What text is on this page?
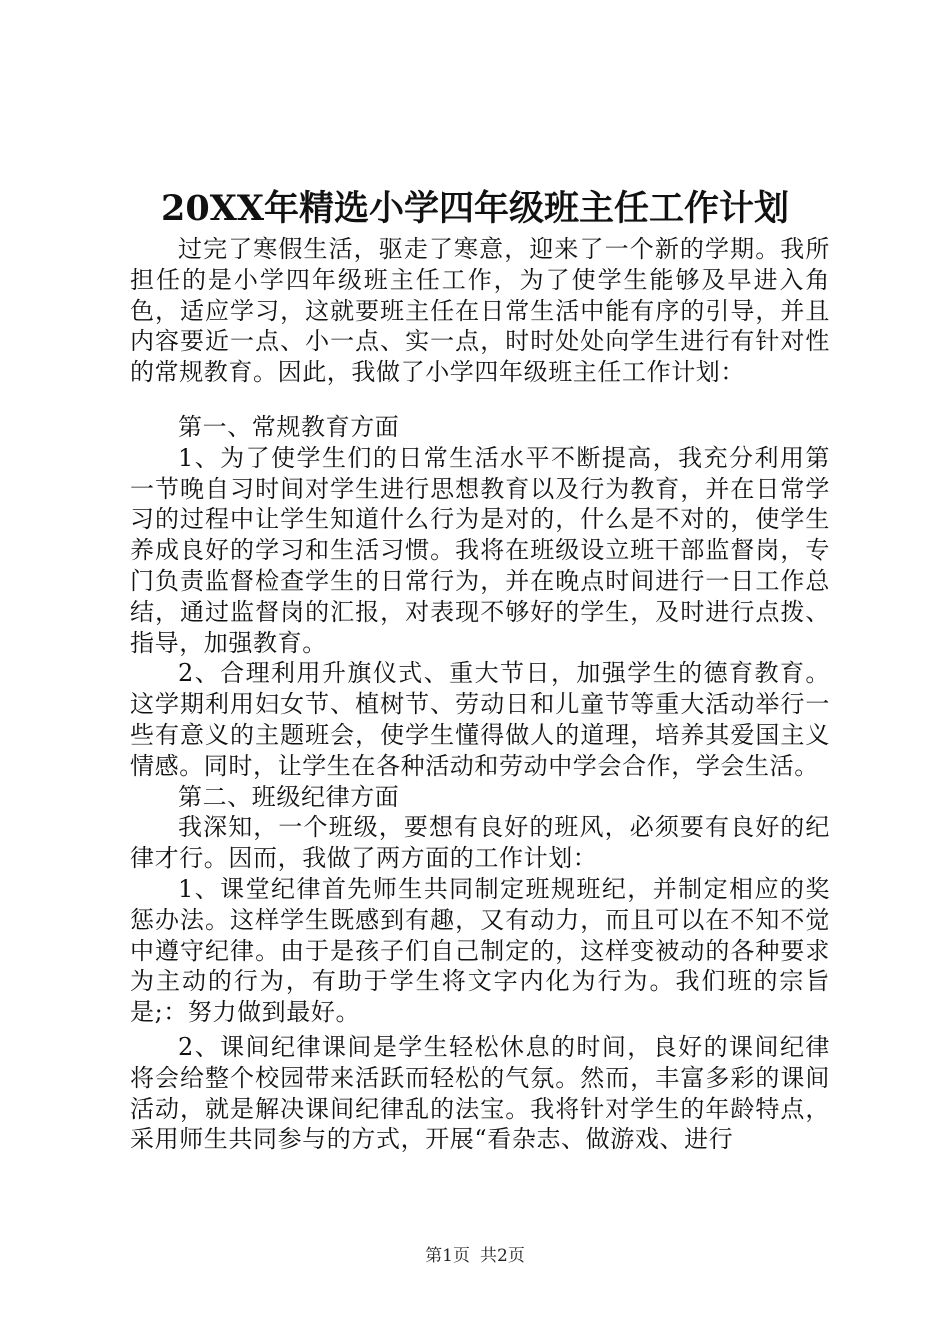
20XX年精选小学四年级班主任工作计划

过完了寒假生活，驱走了寒意，迎来了一个新的学期。我所担任的是小学四年级班主任工作，为了使学生能够及早进入角色，适应学习，这就要班主任在日常生活中能有序的引导，并且内容要近一点、小一点、实一点，时时处处向学生进行有针对性的常规教育。因此，我做了小学四年级班主任工作计划：

第一、常规教育方面

1、为了使学生们的日常生活水平不断提高，我充分利用第一节晚自习时间对学生进行思想教育以及行为教育，并在日常学习的过程中让学生知道什么行为是对的，什么是不对的，使学生养成良好的学习和生活习惯。我将在班级设立班干部监督岗，专门负责监督检查学生的日常行为，并在晚点时间进行一日工作总结，通过监督岗的汇报，对表现不够好的学生，及时进行点拨、指导，加强教育。

2、合理利用升旗仪式、重大节日，加强学生的德育教育。这学期利用妇女节、植树节、劳动日和儿童节等重大活动举行一些有意义的主题班会，使学生懂得做人的道理，培养其爱国主义情感。同时，让学生在各种活动和劳动中学会合作，学会生活。

第二、班级纪律方面

我深知，一个班级，要想有良好的班风，必须要有良好的纪律才行。因而，我做了两方面的工作计划：

1、课堂纪律首先师生共同制定班规班纪，并制定相应的奖惩办法。这样学生既感到有趣，又有动力，而且可以在不知不觉中遵守纪律。由于是孩子们自己制定的，这样变被动的各种要求为主动的行为，有助于学生将文字内化为行为。我们班的宗旨是;：努力做到最好。

2、课间纪律课间是学生轻松休息的时间，良好的课间纪律将会给整个校园带来活跃而轻松的气氛。然而，丰富多彩的课间活动，就是解决课间纪律乱的法宝。我将针对学生的年龄特点，采用师生共同参与的方式，开展“看杂志、做游戏、进行

第1页 共2页
